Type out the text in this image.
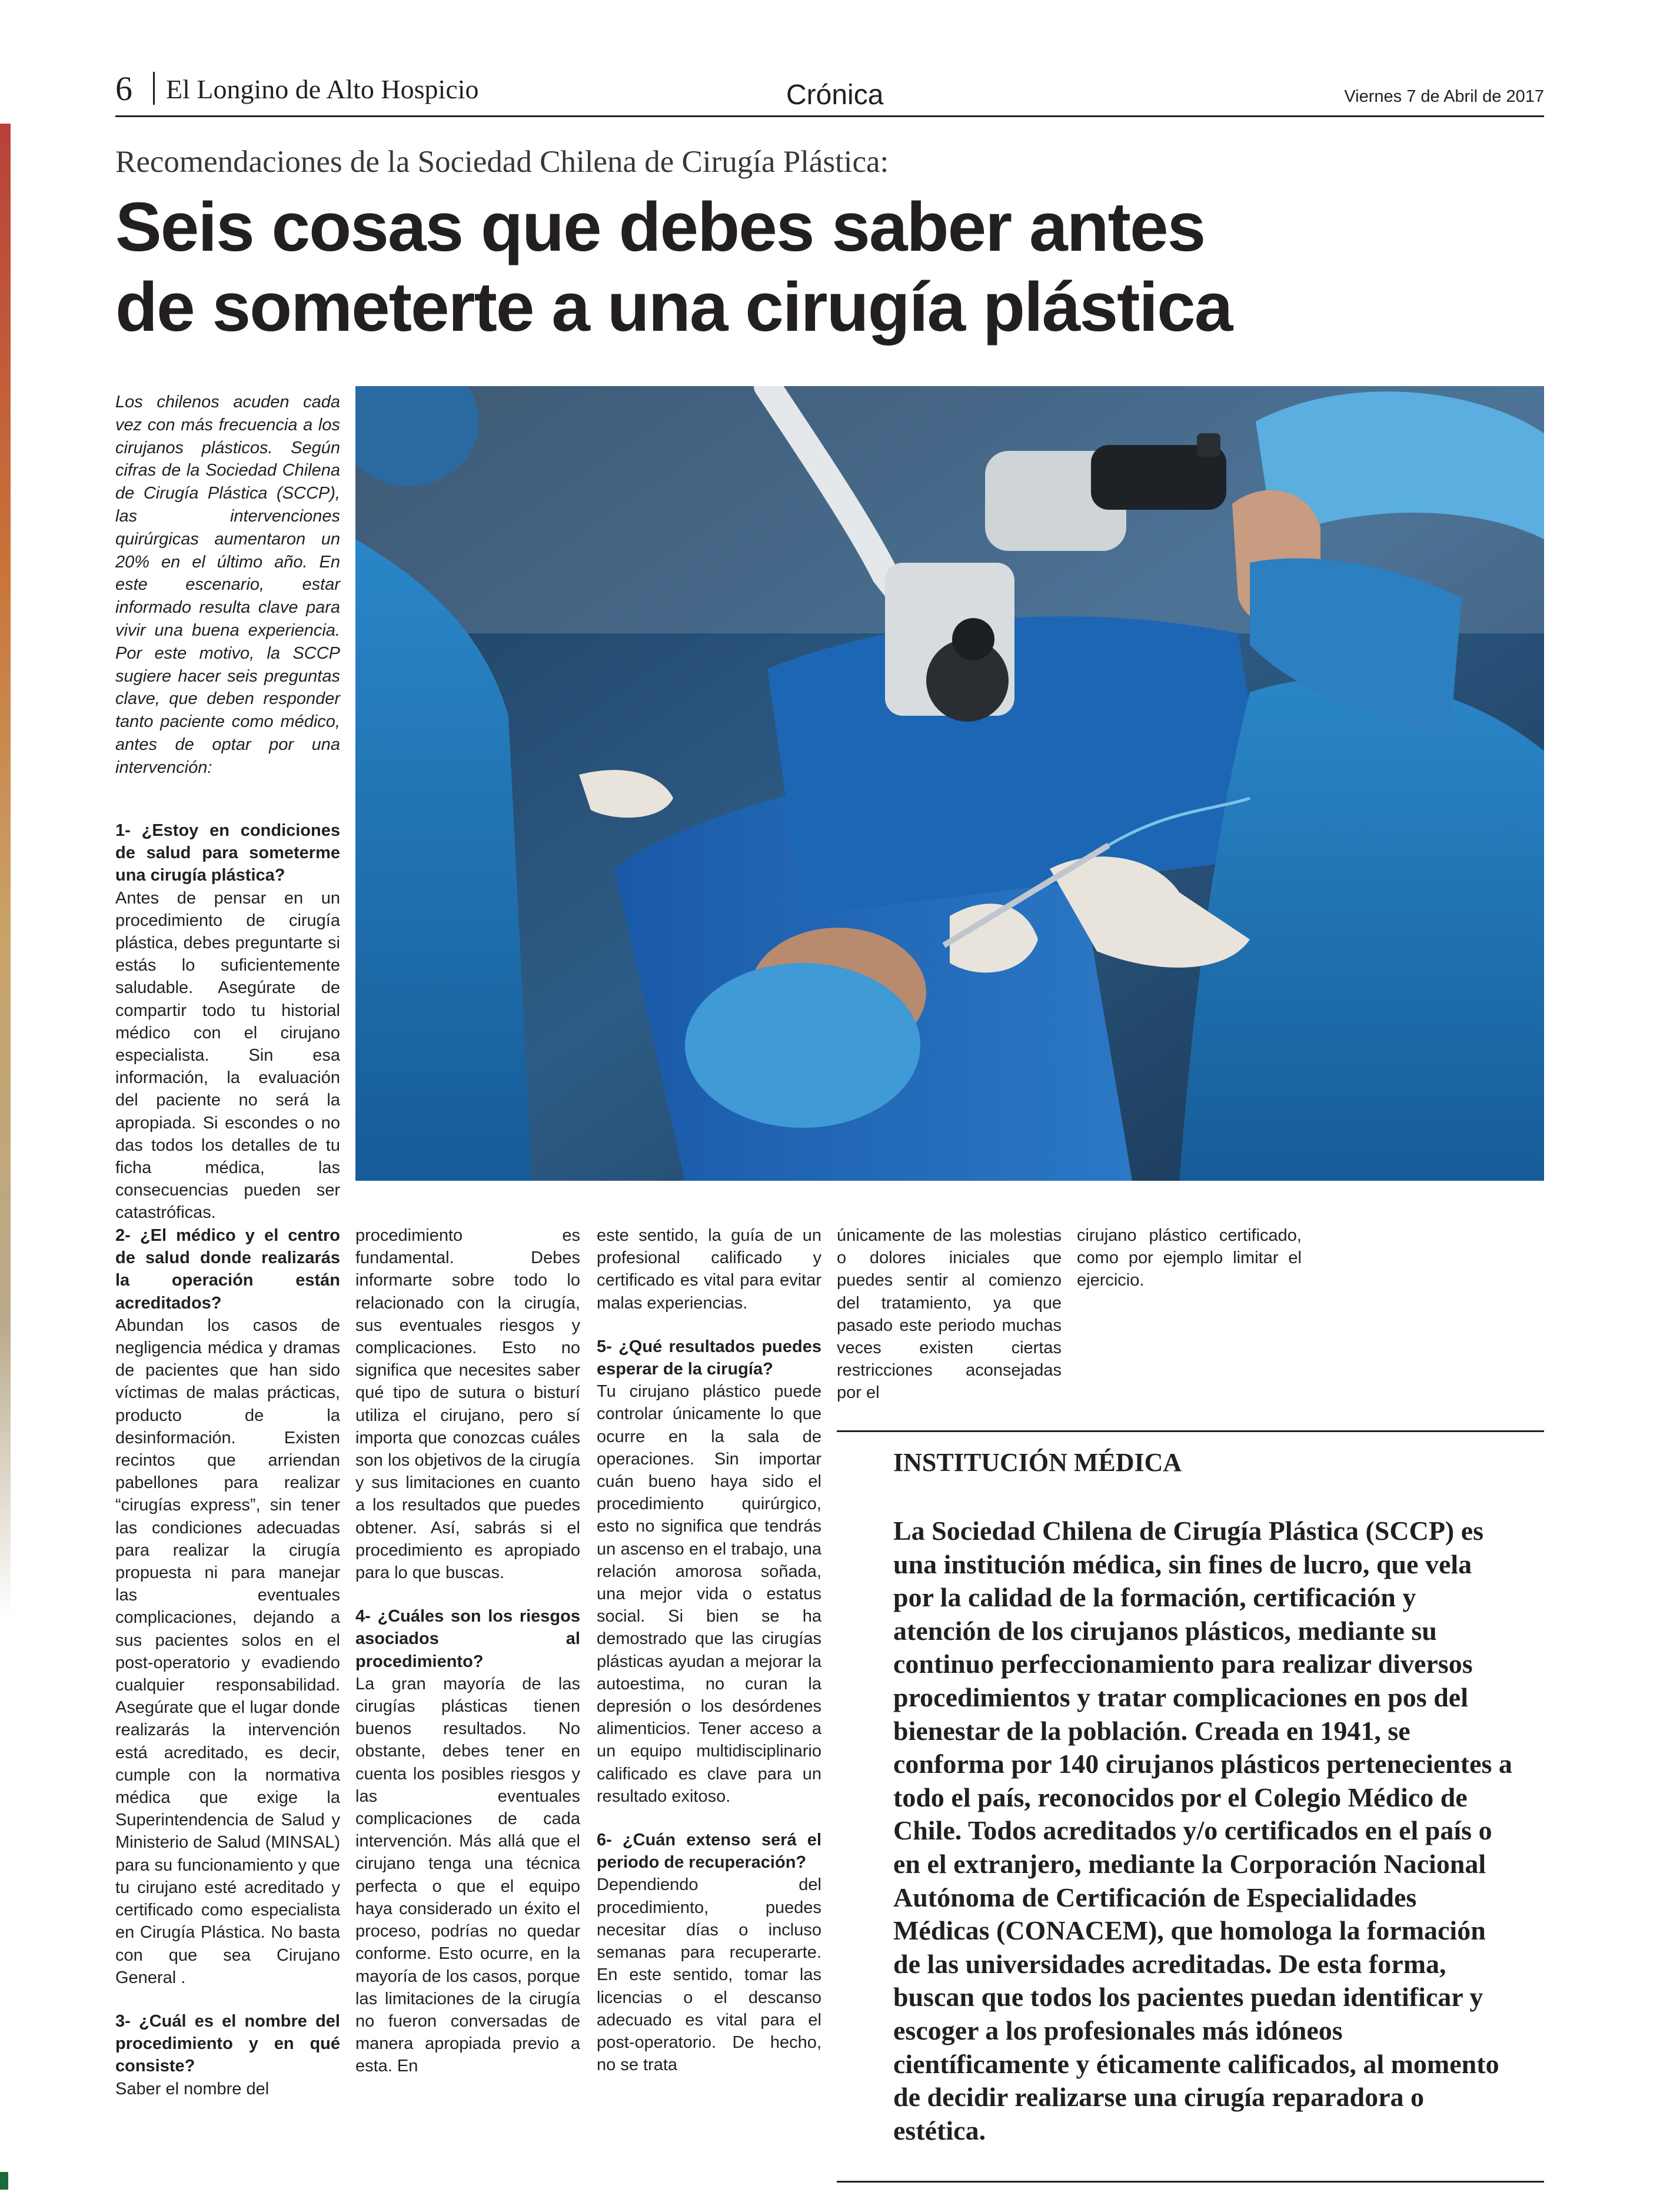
6 El Longino de Alto Hospicio	Crónica	Viernes 7 de Abril de 2017
Recomendaciones de la Sociedad Chilena de Cirugía Plástica:
Seis cosas que debes saber antes
de someterte a una cirugía plástica

Los chilenos acuden cada vez con más frecuencia a los cirujanos plásticos. Según cifras de la Sociedad Chilena de Cirugía Plástica (SCCP), las intervenciones quirúrgicas aumentaron un 20% en el último año. En este escenario, estar informado resulta clave para vivir una buena experiencia. Por este motivo, la SCCP sugiere hacer seis preguntas clave, que deben responder tanto paciente como médico, antes de optar por una intervención:

1- ¿Estoy en condiciones de salud para someterme una cirugía plástica?

Antes de pensar en un procedimiento de cirugía plástica, debes preguntarte si estás lo suficientemente saludable. Asegúrate de compartir todo tu historial médico con el cirujano especialista. Sin esa información, la evaluación del paciente no será la apropiada. Si escondes o no das todos los detalles de tu ficha médica, las consecuencias pueden ser catastróficas.

2- ¿El médico y el centro de salud donde realizarás la operación están acreditados?

Abundan los casos de negligencia médica y dramas de pacientes que han sido víctimas de malas prácticas, producto de la desinformación. Existen recintos que arriendan pabellones para realizar “cirugías express”, sin tener las condiciones adecuadas para realizar la cirugía propuesta ni para manejar las eventuales complicaciones, dejando a sus pacientes solos en el post-operatorio y evadiendo cualquier responsabilidad. Asegúrate que el lugar donde realizarás la intervención está acreditado, es decir, cumple con la normativa médica que exige la Superintendencia de Salud y Ministerio de Salud (MINSAL) para su funcionamiento y que tu cirujano esté acreditado y certificado como especialista en Cirugía Plástica. No basta con que sea Cirujano General .

3- ¿Cuál es el nombre del procedimiento y en qué consiste?

Saber el nombre del

procedimiento es fundamental. Debes informarte sobre todo lo relacionado con la cirugía, sus eventuales riesgos y complicaciones. Esto no significa que necesites saber qué tipo de sutura o bisturí utiliza el cirujano, pero sí importa que conozcas cuáles son los objetivos de la cirugía y sus limitaciones en cuanto a los resultados que puedes obtener. Así, sabrás si el procedimiento es apropiado para lo que buscas.

4- ¿Cuáles son los riesgos asociados al procedimiento?

La gran mayoría de las cirugías plásticas tienen buenos resultados. No obstante, debes tener en cuenta los posibles riesgos y las eventuales complicaciones de cada intervención. Más allá que el cirujano tenga una técnica perfecta o que el equipo haya considerado un éxito el proceso, podrías no quedar conforme. Esto ocurre, en la mayoría de los casos, porque las limitaciones de la cirugía no fueron conversadas de manera apropiada previo a esta. En

este sentido, la guía de un profesional calificado y certificado es vital para evitar malas experiencias.

5- ¿Qué resultados puedes esperar de la cirugía?

Tu cirujano plástico puede controlar únicamente lo que ocurre en la sala de operaciones. Sin importar cuán bueno haya sido el procedimiento quirúrgico, esto no significa que tendrás un ascenso en el trabajo, una relación amorosa soñada, una mejor vida o estatus social. Si bien se ha demostrado que las cirugías plásticas ayudan a mejorar la autoestima, no curan la depresión o los desórdenes alimenticios. Tener acceso a un equipo multidisciplinario calificado es clave para un resultado exitoso.

6- ¿Cuán extenso será el periodo de recuperación?

Dependiendo del procedimiento, puedes necesitar días o incluso semanas para recuperarte. En este sentido, tomar las licencias o el descanso adecuado es vital para el post-operatorio. De hecho, no se trata

únicamente de las molestias o dolores iniciales que puedes sentir al comienzo del tratamiento, ya que pasado este periodo muchas veces existen ciertas restricciones aconsejadas por el

cirujano plástico certificado, como por ejemplo limitar el ejercicio.

INSTITUCIÓN MÉDICA

La Sociedad Chilena de Cirugía Plástica (SCCP) es una institución médica, sin fines de lucro, que vela por la calidad de la formación, certificación y atención de los cirujanos plásticos, mediante su continuo perfeccionamiento para realizar diversos procedimientos y tratar complicaciones en pos del bienestar de la población. Creada en 1941, se conforma por 140 cirujanos plásticos pertenecientes a todo el país, reconocidos por el Colegio Médico de Chile. Todos acreditados y/o certificados en el país o en el extranjero, mediante la Corporación Nacional Autónoma de Certificación de Especialidades Médicas (CONACEM), que homologa la formación de las universidades acreditadas. De esta forma, buscan que todos los pacientes puedan identificar y escoger a los profesionales más idóneos científicamente y éticamente calificados, al momento de decidir realizarse una cirugía reparadora o estética.
